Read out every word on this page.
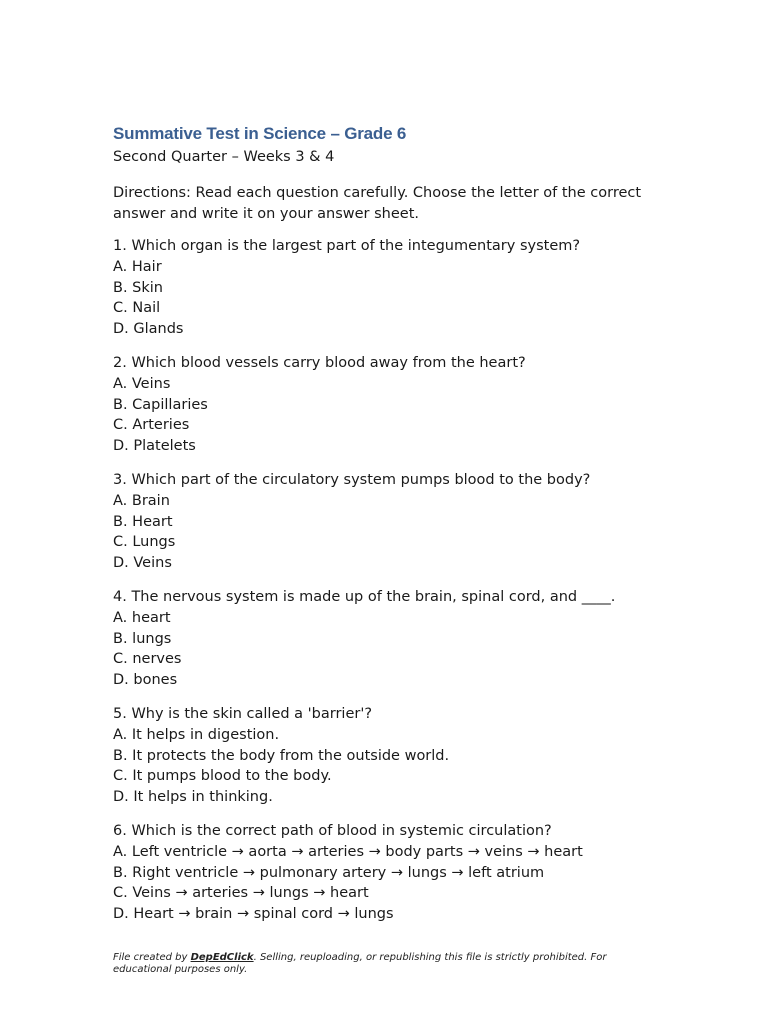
Summative Test in Science – Grade 6
Second Quarter – Weeks 3 & 4
Directions: Read each question carefully. Choose the letter of the correct answer and write it on your answer sheet.
1. Which organ is the largest part of the integumentary system?
A. Hair
B. Skin
C. Nail
D. Glands
2. Which blood vessels carry blood away from the heart?
A. Veins
B. Capillaries
C. Arteries
D. Platelets
3. Which part of the circulatory system pumps blood to the body?
A. Brain
B. Heart
C. Lungs
D. Veins
4. The nervous system is made up of the brain, spinal cord, and ____.
A. heart
B. lungs
C. nerves
D. bones
5. Why is the skin called a 'barrier'?
A. It helps in digestion.
B. It protects the body from the outside world.
C. It pumps blood to the body.
D. It helps in thinking.
6. Which is the correct path of blood in systemic circulation?
A. Left ventricle → aorta → arteries → body parts → veins → heart
B. Right ventricle → pulmonary artery → lungs → left atrium
C. Veins → arteries → lungs → heart
D. Heart → brain → spinal cord → lungs
File created by DepEdClick. Selling, reuploading, or republishing this file is strictly prohibited. For educational purposes only.
